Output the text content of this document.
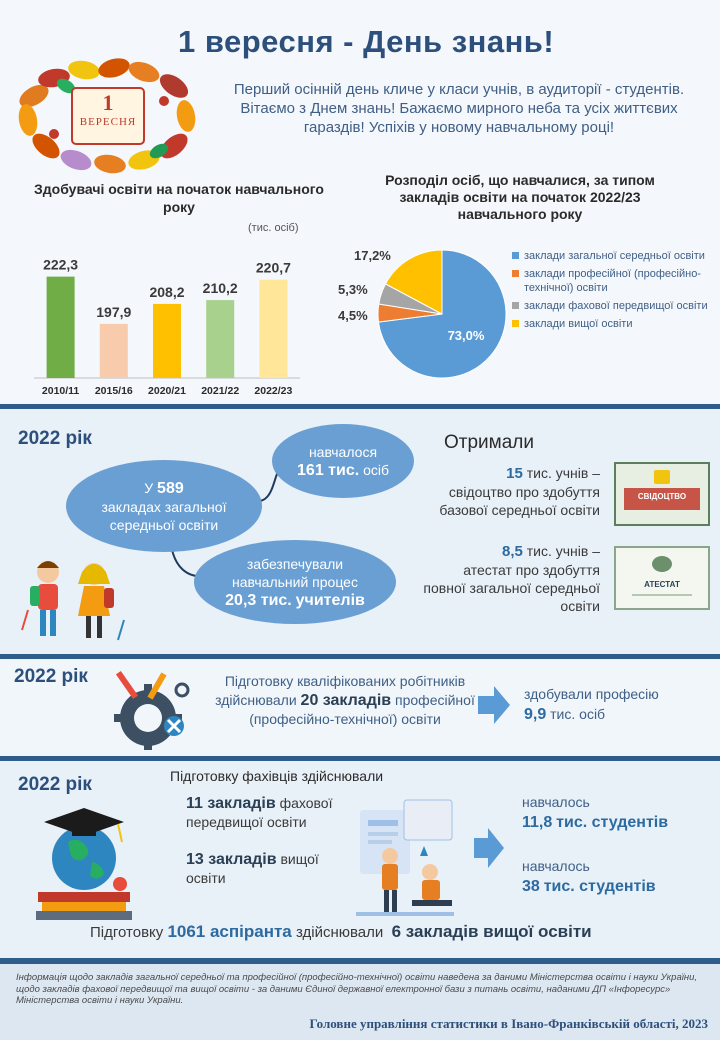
1
ВЕРЕСНЯ
1 вересня - День знань!
Перший осінній день кличе у класи учнів, в аудиторії - студентів. Вітаємо з Днем знань! Бажаємо мирного неба та усіх життєвих гараздів! Успіхів у новому навчальному році!
Здобувачі освіти на початок навчального року
(тис. осіб)
222,3
2010/11
197,9
2015/16
208,2
2020/21
210,2
2021/22
220,7
2022/23
Розподіл осіб, що навчалися, за типом закладів освіти на початок 2022/23 навчального року
73,0%
4,5%
5,3%
17,2%	заклади загальної середньої освіти
заклади професійної (професійно-технічної) освіти
заклади фахової передвищої освіти
заклади вищої освіти
2022 рік
У 589
закладах загальної середньої освіти
навчалося
161 тис. осіб
забезпечували навчальний процес
20,3 тис. учителів
Отримали
15 тис. учнів –
свідоцтво про здобуття базової середньої освіти
8,5 тис. учнів –
атестат про здобуття повної загальної середньої освіти
СВІДОЦТВО
АТЕСТАТ
2022 рік	Підготовку кваліфікованих робітників здійснювали 20 закладів професійної (професійно-технічної) освіти
здобували професію
9,9 тис. осіб
2022 рік	Підготовку фахівців здійснювали
11 закладів фахової передвищої освіти
13 закладів вищої освіти
навчалось
11,8 тис. студентів
навчалось
38 тис. студентів
Підготовку 1061 аспіранта здійснювали 6 закладів вищої освіти
Інформація щодо закладів загальної середньої та професійної (професійно-технічної) освіти наведена за даними Міністерства освіти і науки України, щодо закладів фахової передвищої та вищої освіти - за даними Єдиної державної електронної бази з питань освіти, наданими ДП «Інфоресурс» Міністерства освіти і науки України.
Головне управління статистики в Івано-Франківській області, 2023
